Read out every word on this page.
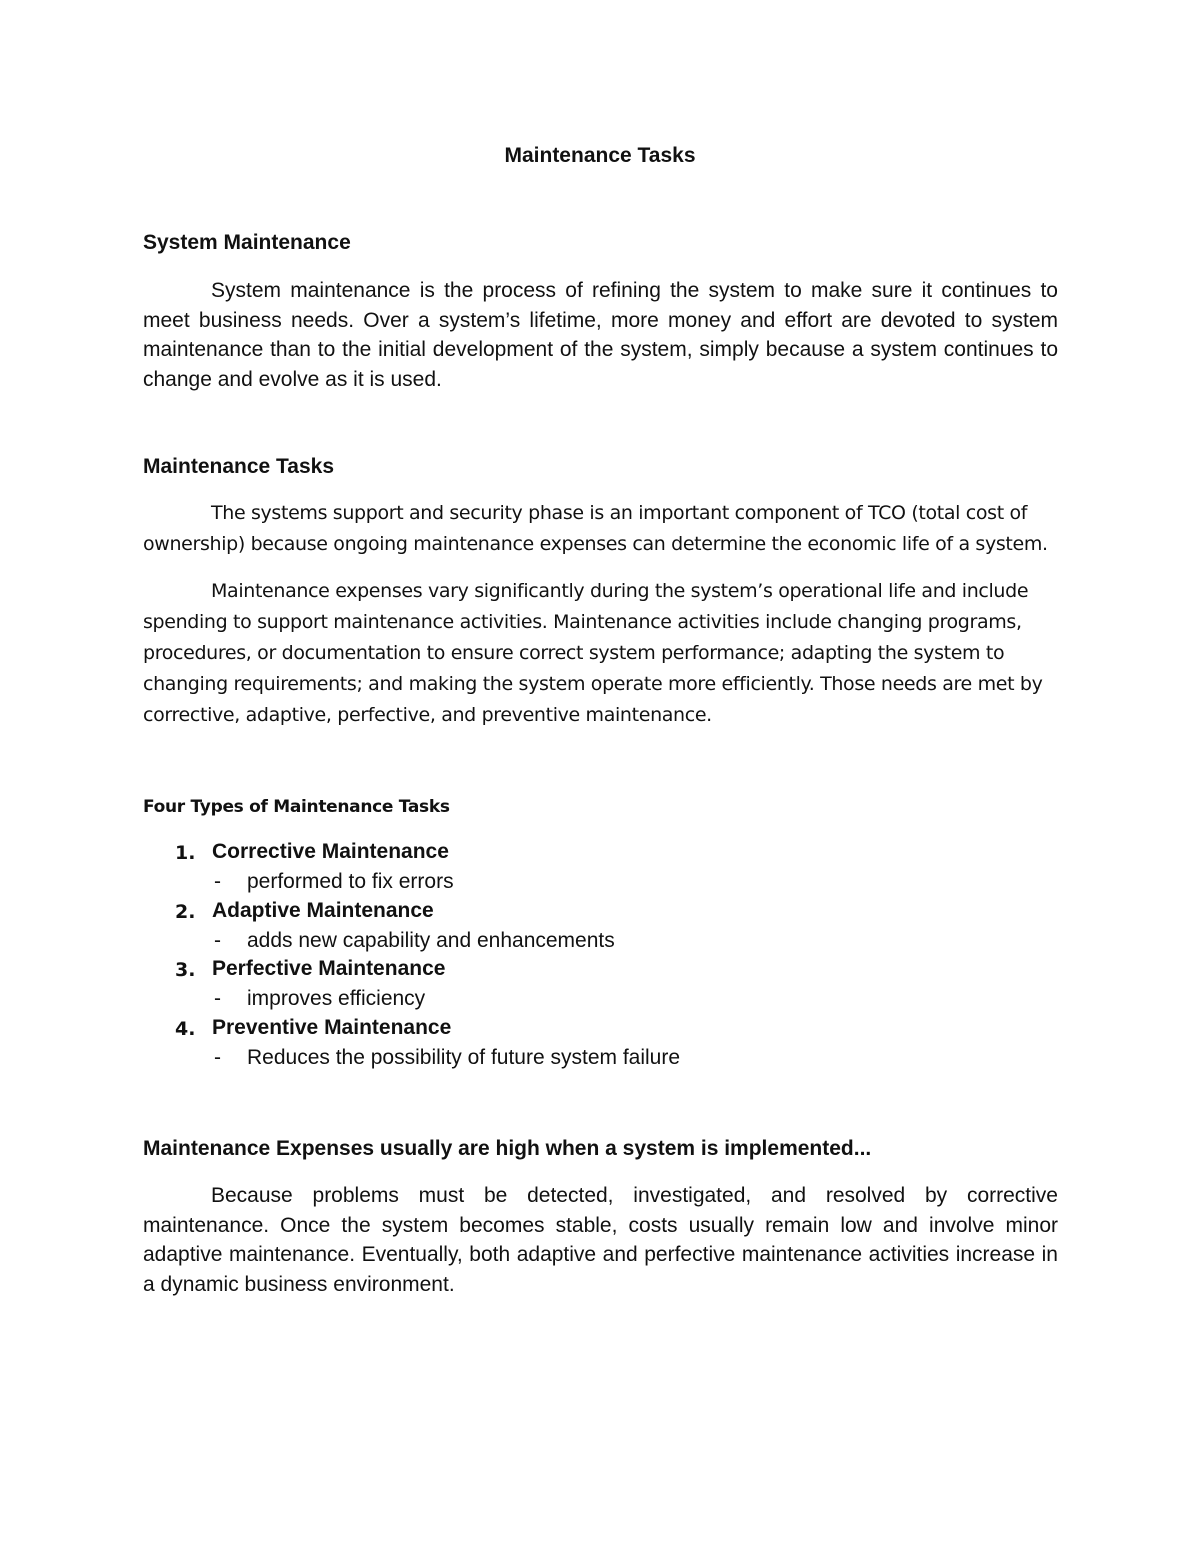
Maintenance Tasks
System Maintenance

System maintenance is the process of refining the system to make sure it continues to meet business needs. Over a system’s lifetime, more money and effort are devoted to system maintenance than to the initial development of the system, simply because a system continues to change and evolve as it is used.

Maintenance Tasks

The systems support and security phase is an important component of TCO (total cost of ownership) because ongoing maintenance expenses can determine the economic life of a system.

Maintenance expenses vary significantly during the system’s operational life and include spending to support maintenance activities. Maintenance activities include changing programs, procedures, or documentation to ensure correct system performance; adapting the system to changing requirements; and making the system operate more efficiently. Those needs are met by corrective, adaptive, perfective, and preventive maintenance.

Four Types of Maintenance Tasks
1. Corrective Maintenance
- performed to fix errors
2. Adaptive Maintenance
- adds new capability and enhancements
3. Perfective Maintenance
- improves efficiency
4. Preventive Maintenance
- Reduces the possibility of future system failure
Maintenance Expenses usually are high when a system is implemented...

Because problems must be detected, investigated, and resolved by corrective maintenance. Once the system becomes stable, costs usually remain low and involve minor adaptive maintenance. Eventually, both adaptive and perfective maintenance activities increase in a dynamic business environment.
